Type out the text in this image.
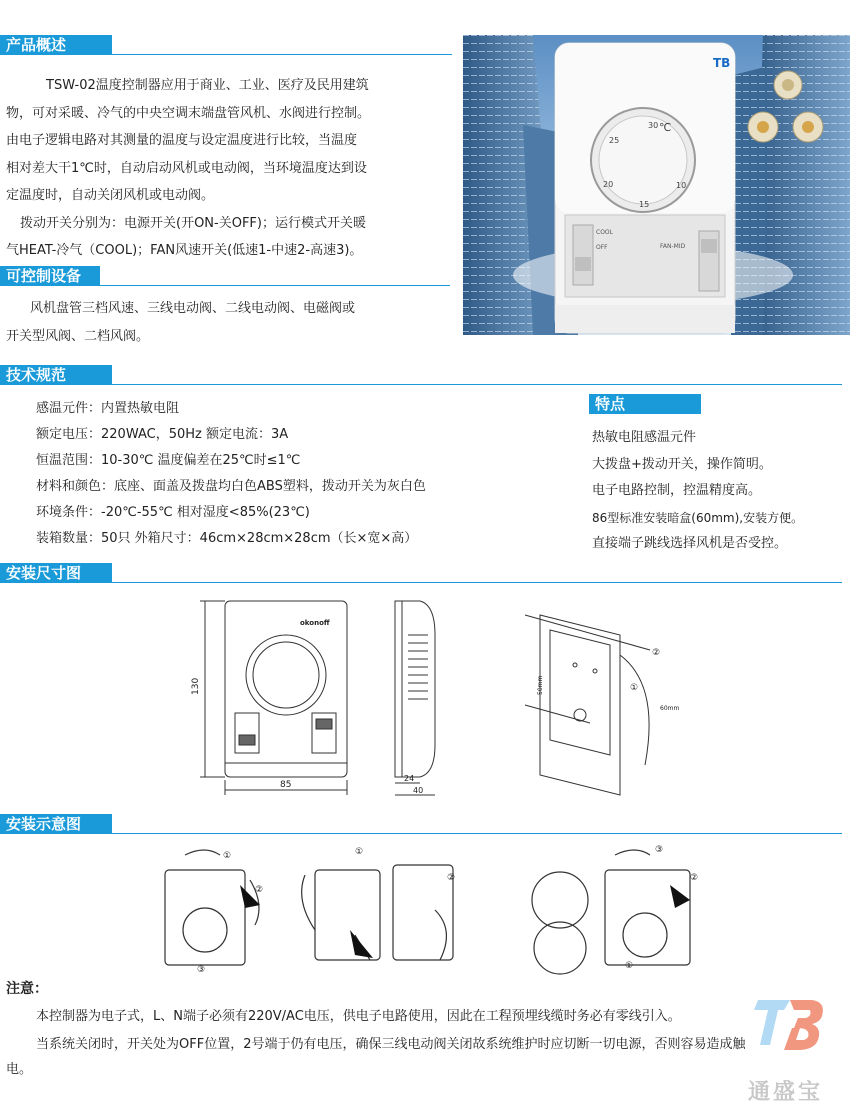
产品概述
TSW-02温度控制器应用于商业、工业、医疗及民用建筑
物，可对采暖、冷气的中央空调末端盘管风机、水阀进行控制。
由电子逻辑电路对其测量的温度与设定温度进行比较，当温度
相对差大干1℃时，自动启动风机或电动阀，当环境温度达到设
定温度时，自动关闭风机或电动阀。
拨动开关分别为：电源开关(开ON-关OFF)；运行模式开关暖
气HEAT-冷气（COOL)；FAN风速开关(低速1-中速2-高速3)。
可控制设备
风机盘管三档风速、三线电动阀、二线电动阀、电磁阀或
开关型风阀、二档风阀。
TB
10
15
20
25
30 ℃
COOL
OFF	FAN-MID
技术规范
感温元件：内置热敏电阻
额定电压：220WAC，50Hz 额定电流：3A
恒温范围：10-30℃ 温度偏差在25℃时≤1℃
材料和颜色：底座、面盖及拨盘均白色ABS塑料，拨动开关为灰白色
环境条件：-20℃-55℃ 相对湿度<85%(23℃)
装箱数量：50只 外箱尺寸：46cm×28cm×28cm（长×宽×高）
特点
热敏电阻感温元件
大拨盘+拨动开关，操作简明。
电子电路控制，控温精度高。
86型标准安装暗盒(60mm),安装方便。
直接端子跳线选择风机是否受控。
安装尺寸图
okonoff
130
85
24
40
50mm
60mm
②
①
安装示意图
①
②
③
①
②
③
②
①
注意：
本控制器为电子式，L、N端子必须有220V/AC电压，供电子电路使用，因此在工程预埋线缆时务必有零线引入。
当系统关闭时，开关处为OFF位置，2号端于仍有电压，确保三线电动阀关闭故系统维护时应切断一切电源，否则容易造成触
电。
通盛宝
